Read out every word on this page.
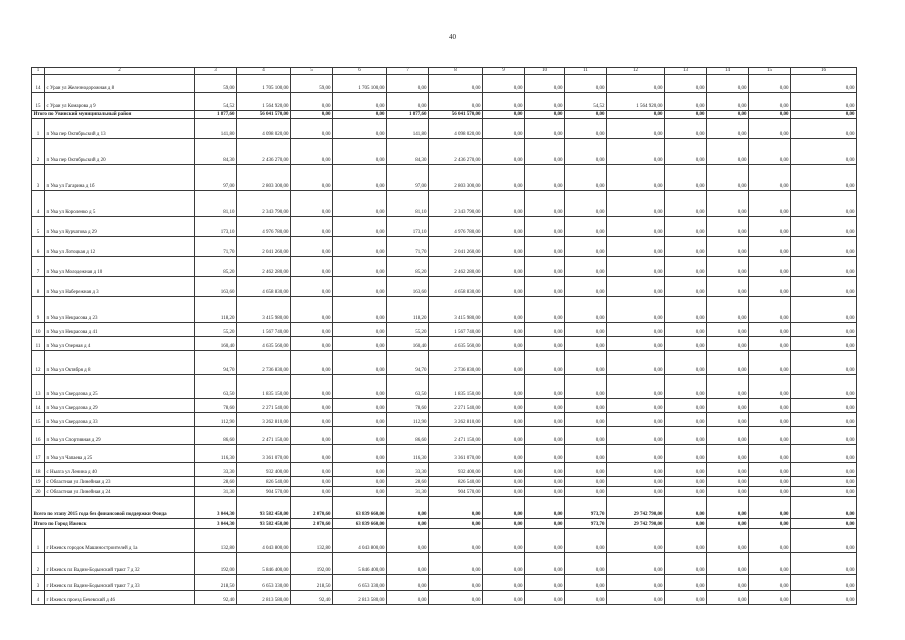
40
1	2	3	4	5	6	7	8	9	10	11	12	13	14	15	16
14	с Ураи ул Железнодорожная д 8	59,00	1 705 100,00	59,00	1 705 100,00	0,00	0,00	0,00	0,00	0,00	0,00	0,00	0,00	0,00	0,00
15	с Ураи ул Комарова д 9	54,52	1 564 920,00	0,00	0,00	0,00	0,00	0,00	0,00	54,52	1 564 920,00	0,00	0,00	0,00	0,00
Итого по Увинский муниципальный район		1 877,60	56 041 570,00	0,00	0,00	1 877,60	56 041 570,00	0,00	0,00	0,00	0,00	0,00	0,00	0,00	0,00
1	п Ува пер Октябрьский д 13	141,80	4 098 020,00	0,00	0,00	141,80	4 098 020,00	0,00	0,00	0,00	0,00	0,00	0,00	0,00	0,00
2	п Ува пер Октябрьский д 20	84,30	2 436 270,00	0,00	0,00	84,30	2 436 270,00	0,00	0,00	0,00	0,00	0,00	0,00	0,00	0,00
3	п Ува ул Гагарина д 1б	97,00	2 803 300,00	0,00	0,00	97,00	2 803 300,00	0,00	0,00	0,00	0,00	0,00	0,00	0,00	0,00
4	п Ува ул Короленко д 5	81,10	2 343 790,00	0,00	0,00	81,10	2 343 790,00	0,00	0,00	0,00	0,00	0,00	0,00	0,00	0,00
5	п Ува ул Курчатова д 29	173,10	4 976 780,00	0,00	0,00	173,10	4 976 780,00	0,00	0,00	0,00	0,00	0,00	0,00	0,00	0,00
6	п Ува ул Лотоцкая д 12	71,70	2 041 260,00	0,00	0,00	71,70	2 041 260,00	0,00	0,00	0,00	0,00	0,00	0,00	0,00	0,00
7	п Ува ул Молодежная д 10	85,20	2 462 280,00	0,00	0,00	85,20	2 462 280,00	0,00	0,00	0,00	0,00	0,00	0,00	0,00	0,00
8	п Ува ул Набережная д 3	163,60	4 658 830,00	0,00	0,00	163,60	4 658 830,00	0,00	0,00	0,00	0,00	0,00	0,00	0,00	0,00
9	п Ува ул Некрасова д 23	118,20	3 415 980,00	0,00	0,00	118,20	3 415 980,00	0,00	0,00	0,00	0,00	0,00	0,00	0,00	0,00
10	п Ува ул Некрасова д 41	55,20	1 567 740,00	0,00	0,00	55,20	1 567 740,00	0,00	0,00	0,00	0,00	0,00	0,00	0,00	0,00
11	п Ува ул Озерная д 4	160,40	4 635 560,00	0,00	0,00	160,40	4 635 560,00	0,00	0,00	0,00	0,00	0,00	0,00	0,00	0,00
12	п Ува ул Октября д 8	94,70	2 736 830,00	0,00	0,00	94,70	2 736 830,00	0,00	0,00	0,00	0,00	0,00	0,00	0,00	0,00
13	п Ува ул Свердлова д 25	63,50	1 835 150,00	0,00	0,00	63,50	1 835 150,00	0,00	0,00	0,00	0,00	0,00	0,00	0,00	0,00
14	п Ува ул Свердлова д 29	78,60	2 271 540,00	0,00	0,00	78,60	2 271 540,00	0,00	0,00	0,00	0,00	0,00	0,00	0,00	0,00
15	п Ува ул Свердлова д 33	112,90	3 262 810,00	0,00	0,00	112,90	3 262 810,00	0,00	0,00	0,00	0,00	0,00	0,00	0,00	0,00
16	п Ува ул Спортивная д 29	86,60	2 471 150,00	0,00	0,00	86,60	2 471 150,00	0,00	0,00	0,00	0,00	0,00	0,00	0,00	0,00
17	п Ува ул Чапаева д 25	116,30	3 361 070,00	0,00	0,00	116,30	3 361 070,00	0,00	0,00	0,00	0,00	0,00	0,00	0,00	0,00
18	с Нылга ул Ленина д 40	33,30	932 400,00	0,00	0,00	33,30	932 400,00	0,00	0,00	0,00	0,00	0,00	0,00	0,00	0,00
19	с Областная ул Линейная д 23	28,60	826 540,00	0,00	0,00	28,60	826 540,00	0,00	0,00	0,00	0,00	0,00	0,00	0,00	0,00
20	с Областная ул Линейная д 24	31,30	904 570,00	0,00	0,00	31,30	904 570,00	0,00	0,00	0,00	0,00	0,00	0,00	0,00	0,00
Всего по этапу 2015 года без финансовой поддержки Фонда		3 044,30	93 582 450,00	2 070,60	63 839 660,00	0,00	0,00	0,00	0,00	973,70	29 742 790,00	0,00	0,00	0,00	0,00
Итого по Город Ижевск		3 044,30	93 582 450,00	2 070,60	63 839 660,00	0,00	0,00	0,00	0,00	973,70	29 742 790,00	0,00	0,00	0,00	0,00
1	г Ижевск городок Машиностроителей д 1а	132,80	4 043 800,00	132,80	4 043 800,00	0,00	0,00	0,00	0,00	0,00	0,00	0,00	0,00	0,00	0,00
2	г Ижевск пл Вадим-Бодынский тракт 7 д 32	192,00	5 846 400,00	192,00	5 846 400,00	0,00	0,00	0,00	0,00	0,00	0,00	0,00	0,00	0,00	0,00
3	г Ижевск пл Вадим-Бодынский тракт 7 д 33	218,50	6 653 330,00	218,50	6 653 330,00	0,00	0,00	0,00	0,00	0,00	0,00	0,00	0,00	0,00	0,00
4	г Ижевск проезд Бечевский д 46	92,40	2 813 580,00	92,40	2 813 580,00	0,00	0,00	0,00	0,00	0,00	0,00	0,00	0,00	0,00	0,00
